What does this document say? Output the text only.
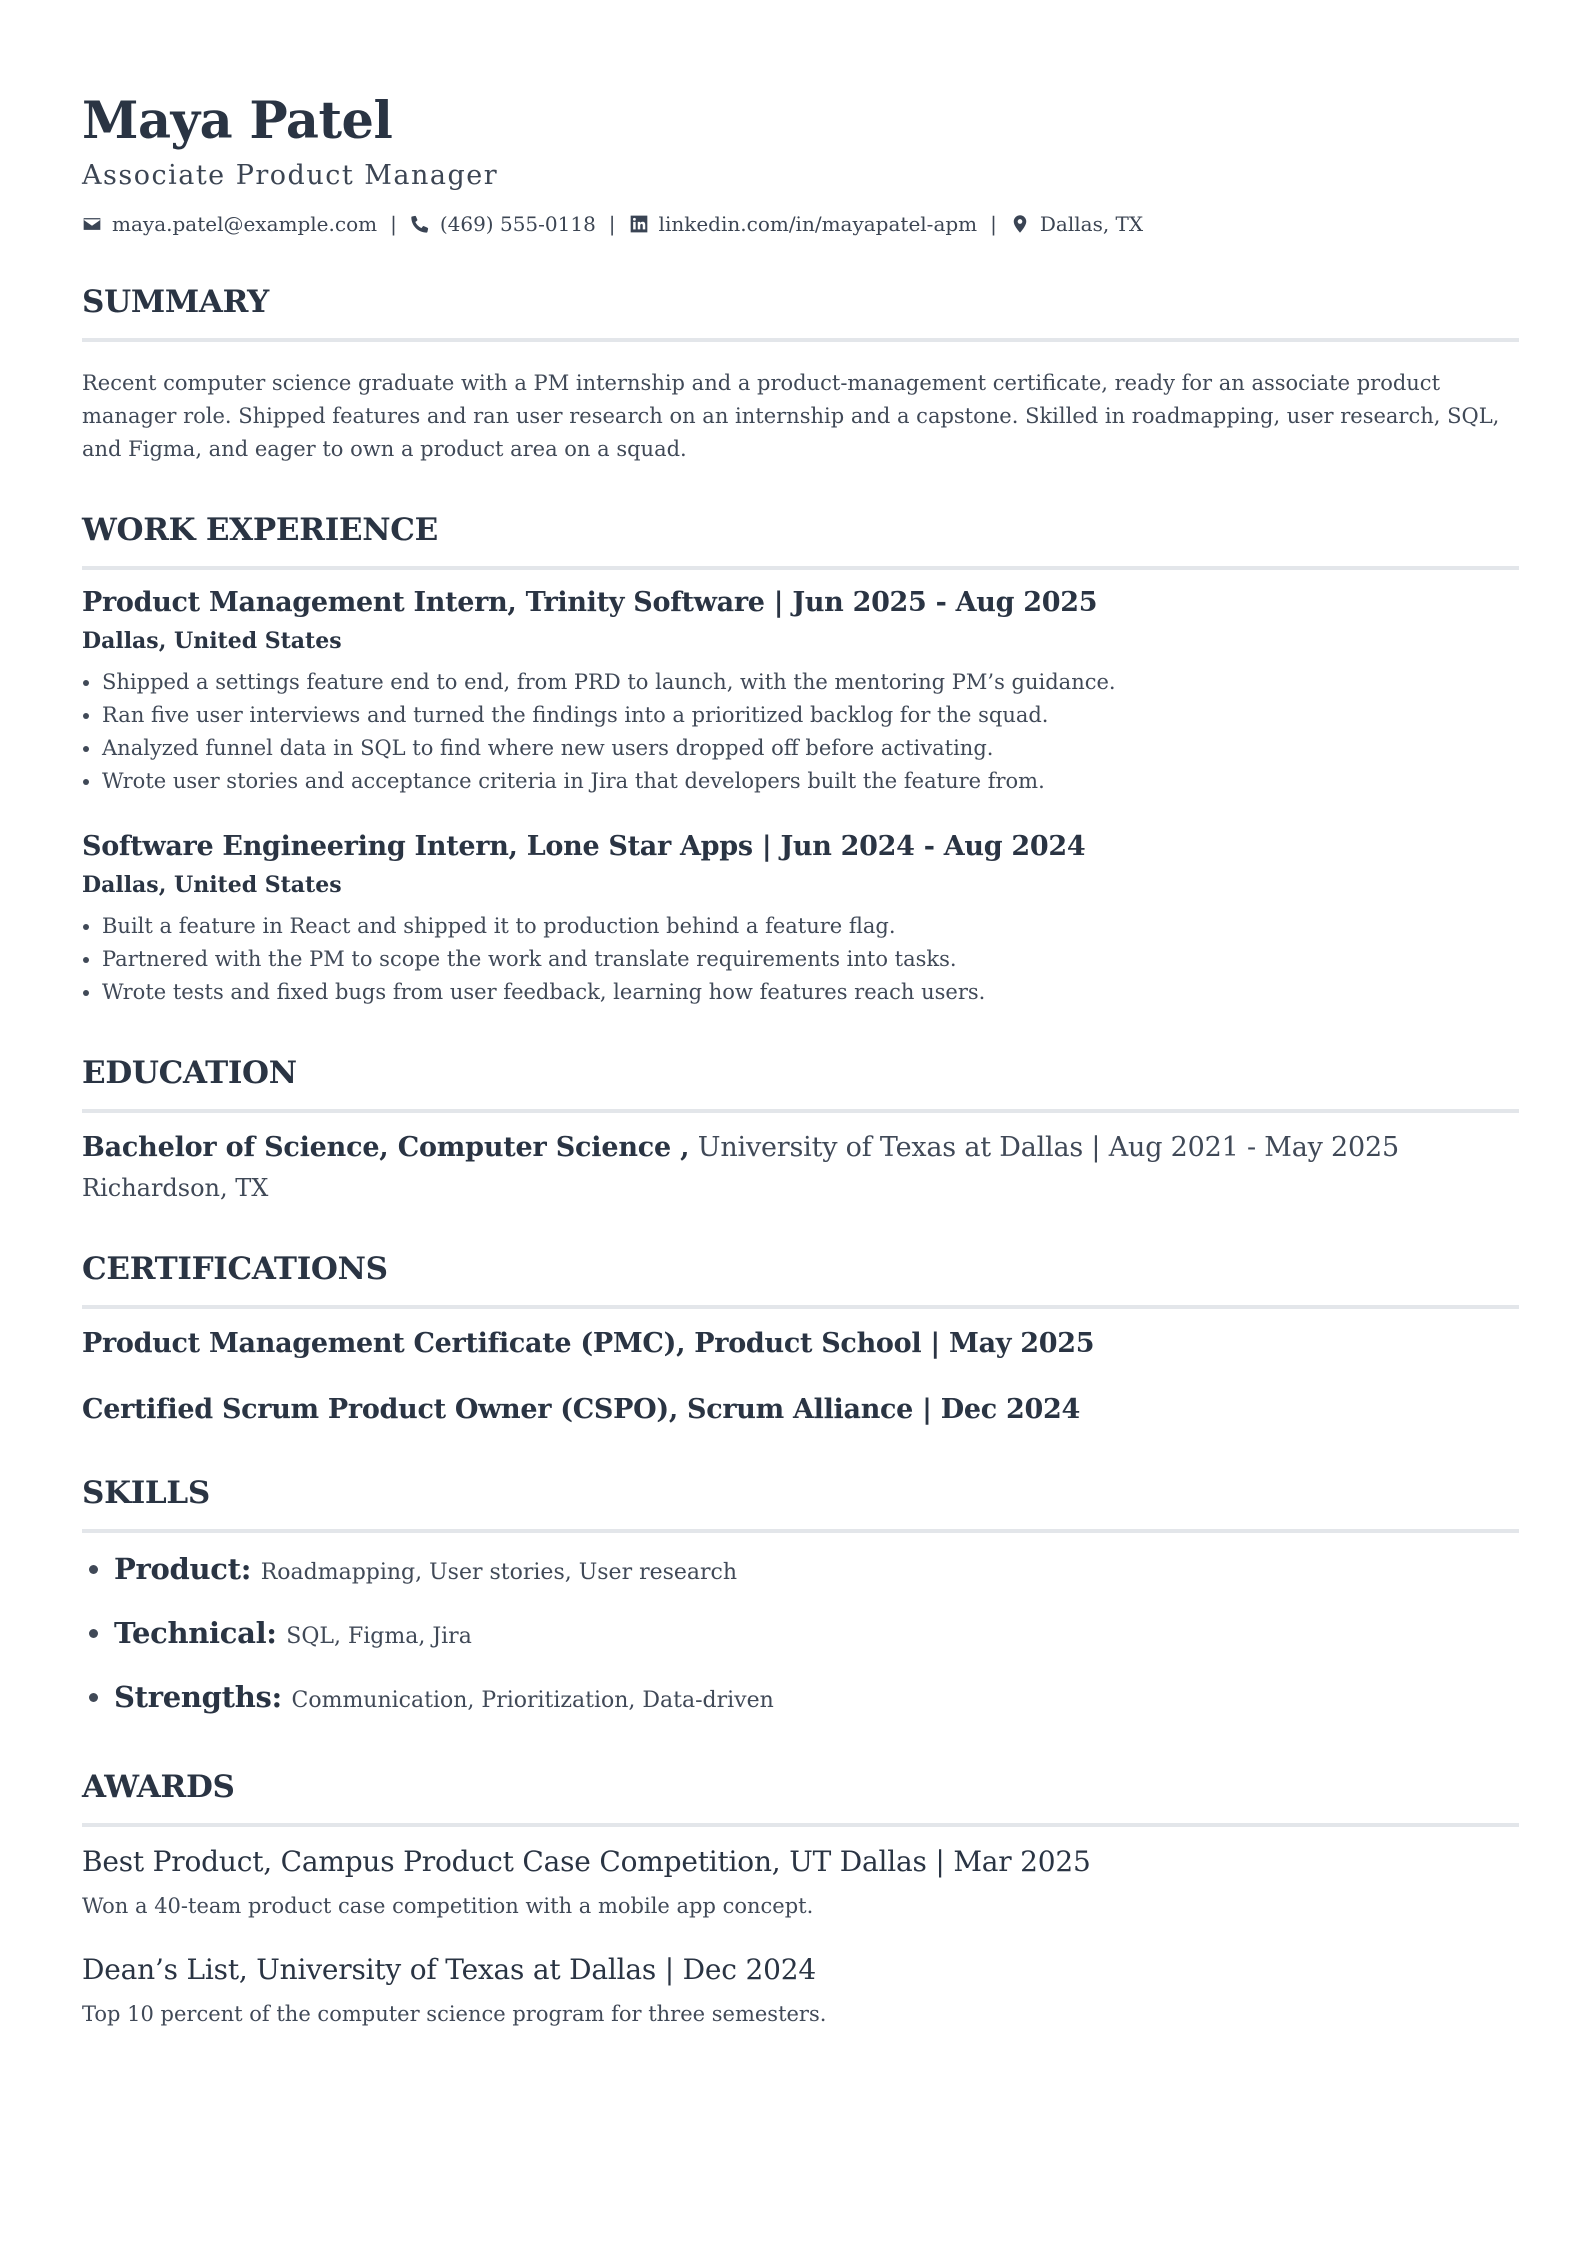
Maya Patel
Associate Product Manager
maya.patel@example.com | (469) 555-0118 | linkedin.com/in/mayapatel-apm | Dallas, TX
SUMMARY

Recent computer science graduate with a PM internship and a product-management certificate, ready for an associate product manager role. Shipped features and ran user research on an internship and a capstone. Skilled in roadmapping, user research, SQL, and Figma, and eager to own a product area on a squad.

WORK EXPERIENCE
Product Management Intern, Trinity Software | Jun 2025 - Aug 2025
Dallas, United States
• Shipped a settings feature end to end, from PRD to launch, with the mentoring PM’s guidance.
• Ran five user interviews and turned the findings into a prioritized backlog for the squad.
• Analyzed funnel data in SQL to find where new users dropped off before activating.
• Wrote user stories and acceptance criteria in Jira that developers built the feature from.
Software Engineering Intern, Lone Star Apps | Jun 2024 - Aug 2024
Dallas, United States
• Built a feature in React and shipped it to production behind a feature flag.
• Partnered with the PM to scope the work and translate requirements into tasks.
• Wrote tests and fixed bugs from user feedback, learning how features reach users.
EDUCATION
Bachelor of Science, Computer Science , University of Texas at Dallas | Aug 2021 - May 2025
Richardson, TX
CERTIFICATIONS
Product Management Certificate (PMC), Product School | May 2025
Certified Scrum Product Owner (CSPO), Scrum Alliance | Dec 2024
SKILLS
• Product: Roadmapping, User stories, User research
• Technical: SQL, Figma, Jira
• Strengths: Communication, Prioritization, Data-driven
AWARDS
Best Product, Campus Product Case Competition, UT Dallas | Mar 2025
Won a 40-team product case competition with a mobile app concept.
Dean’s List, University of Texas at Dallas | Dec 2024
Top 10 percent of the computer science program for three semesters.
